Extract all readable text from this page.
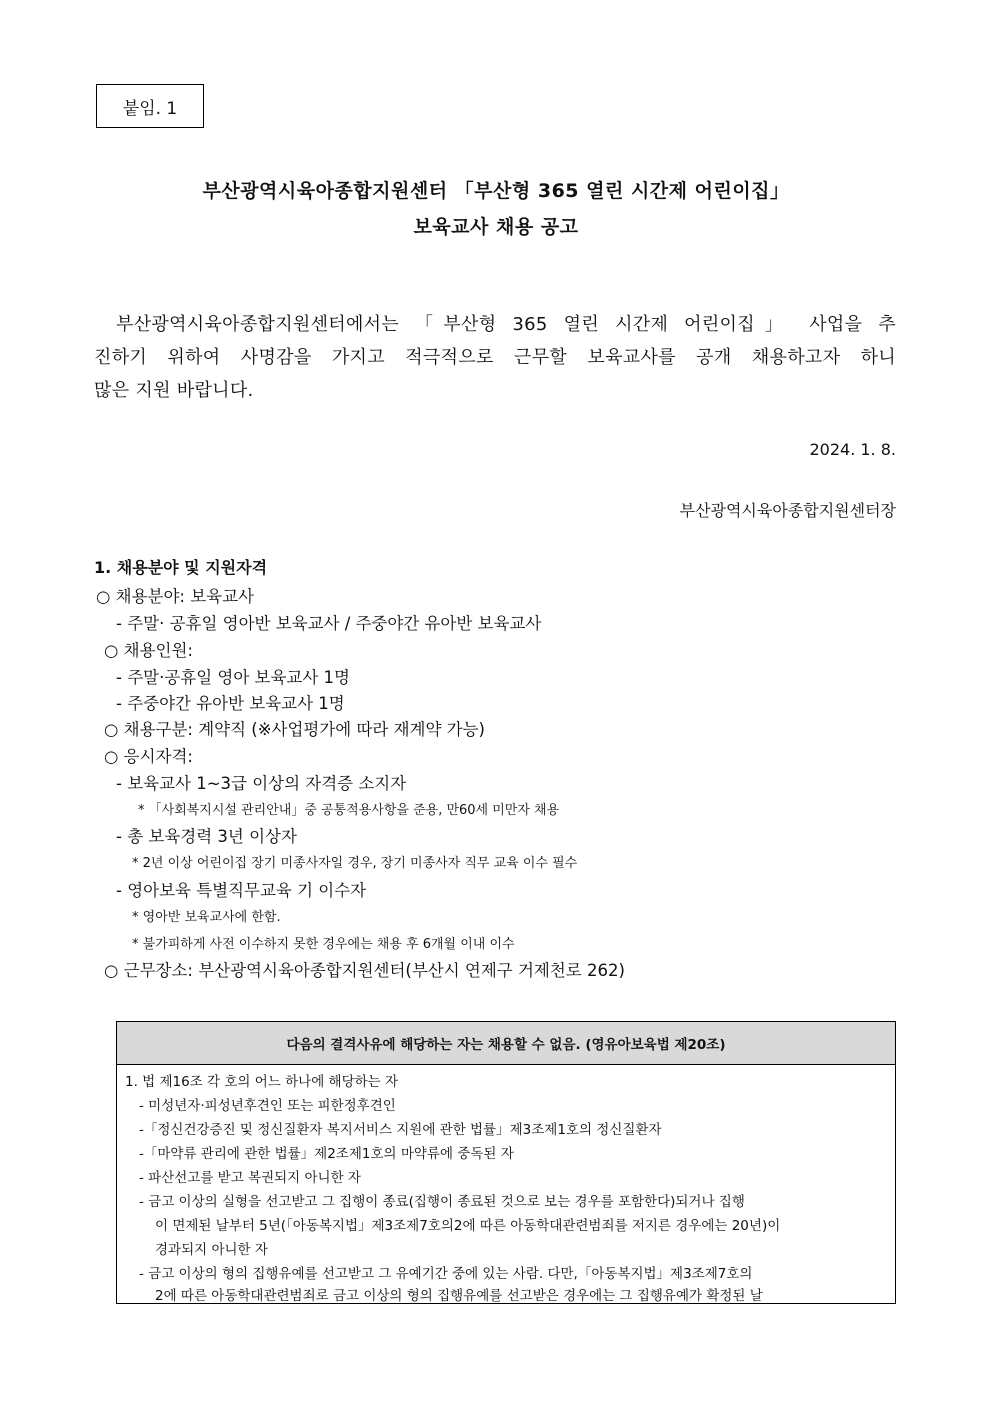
붙임. 1
부산광역시육아종합지원센터 「부산형 365 열린 시간제 어린이집」
보육교사 채용 공고
부산광역시육아종합지원센터에서는 「부산형 365 열린 시간제 어린이집」 사업을 추
진하기 위하여 사명감을 가지고 적극적으로 근무할 보육교사를 공개 채용하고자 하니
많은 지원 바랍니다.
2024. 1. 8.
부산광역시육아종합지원센터장
1. 채용분야 및 지원자격
○ 채용분야: 보육교사
- 주말· 공휴일 영아반 보육교사 / 주중야간 유아반 보육교사
○ 채용인원:
- 주말·공휴일 영아 보육교사 1명
- 주중야간 유아반 보육교사 1명
○ 채용구분: 계약직 (※사업평가에 따라 재계약 가능)
○ 응시자격:
- 보육교사 1~3급 이상의 자격증 소지자
* 「사회복지시설 관리안내」중 공통적용사항을 준용, 만60세 미만자 채용
- 총 보육경력 3년 이상자
* 2년 이상 어린이집 장기 미종사자일 경우, 장기 미종사자 직무 교육 이수 필수
- 영아보육 특별직무교육 기 이수자
* 영아반 보육교사에 한함.
* 불가피하게 사전 이수하지 못한 경우에는 채용 후 6개월 이내 이수
○ 근무장소: 부산광역시육아종합지원센터(부산시 연제구 거제천로 262)
다음의 결격사유에 해당하는 자는 채용할 수 없음. (영유아보육법 제20조)
1. 법 제16조 각 호의 어느 하나에 해당하는 자
- 미성년자·피성년후견인 또는 피한정후견인
-「정신건강증진 및 정신질환자 복지서비스 지원에 관한 법률」제3조제1호의 정신질환자
-「마약류 관리에 관한 법률」제2조제1호의 마약류에 중독된 자
- 파산선고를 받고 복권되지 아니한 자
- 금고 이상의 실형을 선고받고 그 집행이 종료(집행이 종료된 것으로 보는 경우를 포함한다)되거나 집행
이 면제된 날부터 5년(「아동복지법」제3조제7호의2에 따른 아동학대관련범죄를 저지른 경우에는 20년)이
경과되지 아니한 자
- 금고 이상의 형의 집행유예를 선고받고 그 유예기간 중에 있는 사람. 다만,「아동복지법」제3조제7호의
2에 따른 아동학대관련범죄로 금고 이상의 형의 집행유예를 선고받은 경우에는 그 집행유예가 확정된 날
